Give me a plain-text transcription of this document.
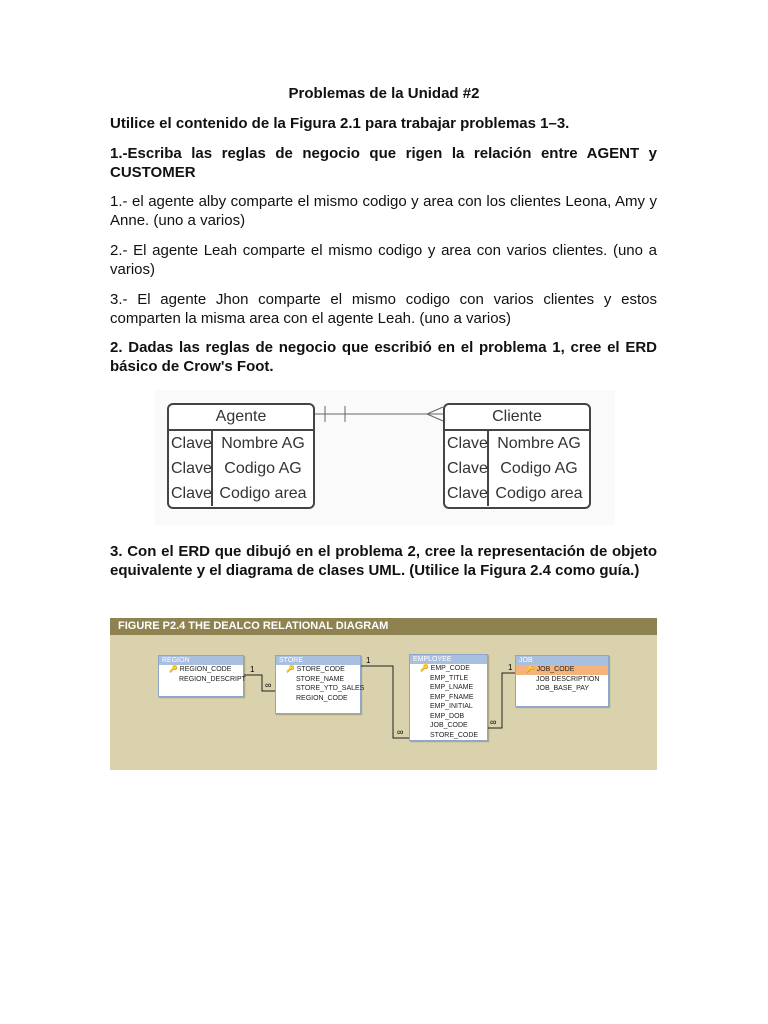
Problemas de la Unidad #2
Utilice el contenido de la Figura 2.1 para trabajar problemas 1–3.
1.-Escriba las reglas de negocio que rigen la relación entre AGENT y CUSTOMER
1.- el agente alby comparte el mismo codigo y area con los clientes Leona, Amy y Anne. (uno a varios)
2.- El agente Leah comparte el mismo codigo y area con varios clientes. (uno a varios)
3.- El agente Jhon comparte el mismo codigo con varios clientes y estos comparten la misma area con el agente Leah. (uno a varios)
2. Dadas las reglas de negocio que escribió en el problema 1, cree el ERD básico de Crow's Foot.
Agente
Clave Nombre AG
Clave Codigo AG
Clave Codigo area
Cliente
Clave Nombre AG
Clave Codigo AG
Clave Codigo area
3. Con el ERD que dibujó en el problema 2, cree la representación de objeto equivalente y el diagrama de clases UML. (Utilice la Figura 2.4 como guía.)
FIGURE P2.4 THE DEALCO RELATIONAL DIAGRAM
1
∞
1
∞
1
∞
REGION
🔑 REGION_CODE
REGION_DESCRIPT
STORE
🔑 STORE_CODE
STORE_NAME
STORE_YTD_SALES
REGION_CODE
EMPLOYEE
🔑 EMP_CODE
EMP_TITLE
EMP_LNAME
EMP_FNAME
EMP_INITIAL
EMP_DOB
JOB_CODE
STORE_CODE
JOB
🔑 JOB_CODE
JOB DESCRIPTION
JOB_BASE_PAY
